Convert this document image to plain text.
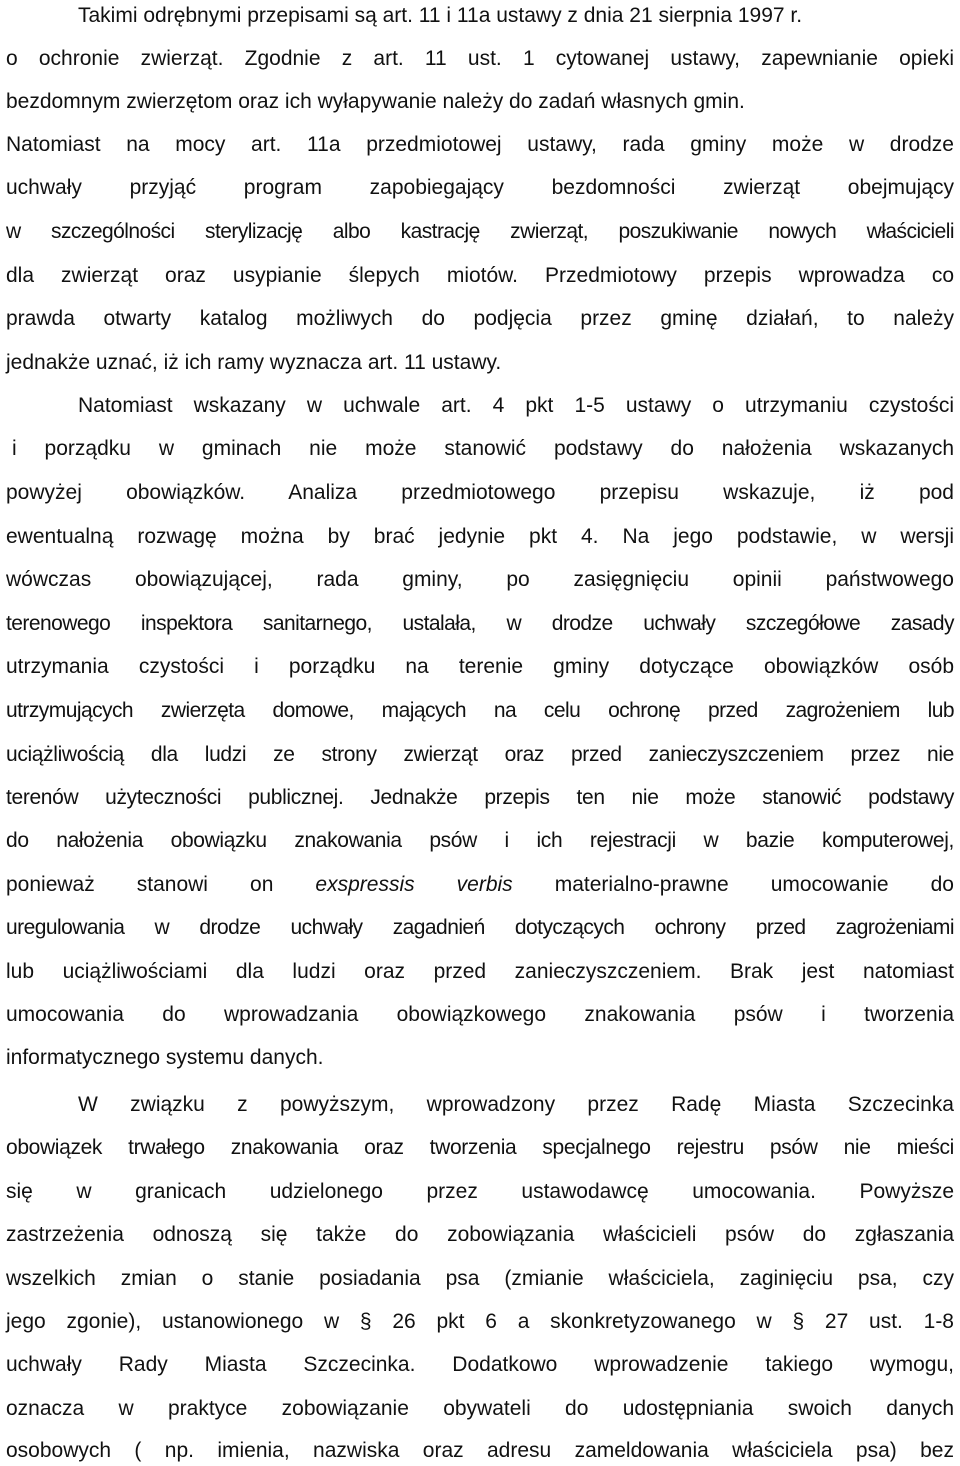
Takimi odrębnymi przepisami są art. 11 i 11a ustawy z dnia 21 sierpnia 1997 r.
o ochronie zwierząt. Zgodnie z art. 11 ust. 1 cytowanej ustawy, zapewnianie opieki
bezdomnym zwierzętom oraz ich wyłapywanie należy do zadań własnych gmin.
Natomiast na mocy art. 11a przedmiotowej ustawy, rada gminy może w drodze
uchwały przyjąć program zapobiegający bezdomności zwierząt obejmujący
w szczególności sterylizację albo kastrację zwierząt, poszukiwanie nowych właścicieli
dla zwierząt oraz usypianie ślepych miotów. Przedmiotowy przepis wprowadza co
prawda otwarty katalog możliwych do podjęcia przez gminę działań, to należy
jednakże uznać, iż ich ramy wyznacza art. 11 ustawy.
Natomiast wskazany w uchwale art. 4 pkt 1-5 ustawy o utrzymaniu czystości
i porządku w gminach nie może stanowić podstawy do nałożenia wskazanych
powyżej obowiązków. Analiza przedmiotowego przepisu wskazuje, iż pod
ewentualną rozwagę można by brać jedynie pkt 4. Na jego podstawie, w wersji
wówczas obowiązującej, rada gminy, po zasięgnięciu opinii państwowego
terenowego inspektora sanitarnego, ustalała, w drodze uchwały szczegółowe zasady
utrzymania czystości i porządku na terenie gminy dotyczące obowiązków osób
utrzymujących zwierzęta domowe, mających na celu ochronę przed zagrożeniem lub
uciążliwością dla ludzi ze strony zwierząt oraz przed zanieczyszczeniem przez nie
terenów użyteczności publicznej. Jednakże przepis ten nie może stanowić podstawy
do nałożenia obowiązku znakowania psów i ich rejestracji w bazie komputerowej,
ponieważ stanowi on exspressis verbis materialno-prawne umocowanie do
uregulowania w drodze uchwały zagadnień dotyczących ochrony przed zagrożeniami
lub uciążliwościami dla ludzi oraz przed zanieczyszczeniem. Brak jest natomiast
umocowania do wprowadzania obowiązkowego znakowania psów i tworzenia
informatycznego systemu danych.
W związku z powyższym, wprowadzony przez Radę Miasta Szczecinka
obowiązek trwałego znakowania oraz tworzenia specjalnego rejestru psów nie mieści
się w granicach udzielonego przez ustawodawcę umocowania. Powyższe
zastrzeżenia odnoszą się także do zobowiązania właścicieli psów do zgłaszania
wszelkich zmian o stanie posiadania psa (zmianie właściciela, zaginięciu psa, czy
jego zgonie), ustanowionego w § 26 pkt 6 a skonkretyzowanego w § 27 ust. 1-8
uchwały Rady Miasta Szczecinka. Dodatkowo wprowadzenie takiego wymogu,
oznacza w praktyce zobowiązanie obywateli do udostępniania swoich danych
osobowych ( np. imienia, nazwiska oraz adresu zameldowania właściciela psa) bez
